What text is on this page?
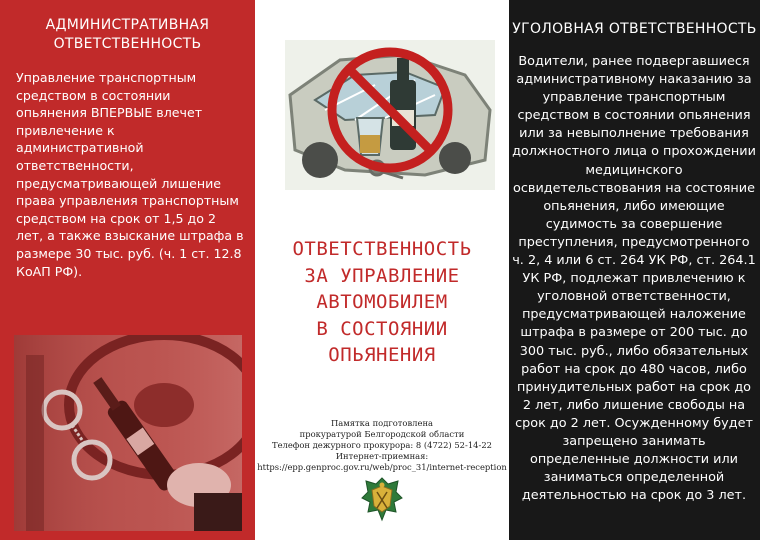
АДМИНИСТРАТИВНАЯ
ОТВЕТСТВЕННОСТЬ
Управление транспортным средством в состоянии опьянения ВПЕРВЫЕ влечет привлечение к административной ответственности, предусматривающей лишение права управления транспортным средством на срок от 1,5 до 2 лет, а также взыскание штрафа в размере 30 тыс. руб. (ч. 1 ст. 12.8 КоАП РФ).
ОТВЕТСТВЕННОСТЬ
ЗА УПРАВЛЕНИЕ
АВТОМОБИЛЕМ
В СОСТОЯНИИ
ОПЬЯНЕНИЯ
Памятка подготовлена
прокуратурой Белгородской области
Телефон дежурного прокурора: 8 (4722) 52-14-22
Интернет-приемная:
https://epp.genproc.gov.ru/web/proc_31/internet-reception
УГОЛОВНАЯ ОТВЕТСТВЕННОСТЬ
Водители, ранее подвергавшиеся административному наказанию за управление транспортным средством в состоянии опьянения или за невыполнение требования должностного лица о прохождении медицинского освидетельствования на состояние опьянения, либо имеющие судимость за совершение преступления, предусмотренного ч. 2, 4 или 6 ст. 264 УК РФ, ст. 264.1 УК РФ, подлежат привлечению к уголовной ответственности, предусматривающей наложение штрафа в размере от 200 тыс. до 300 тыс. руб., либо обязательных работ на срок до 480 часов, либо принудительных работ на срок до 2 лет, либо лишение свободы на срок до 2 лет. Осужденному будет запрещено занимать определенные должности или заниматься определенной деятельностью на срок до 3 лет.
